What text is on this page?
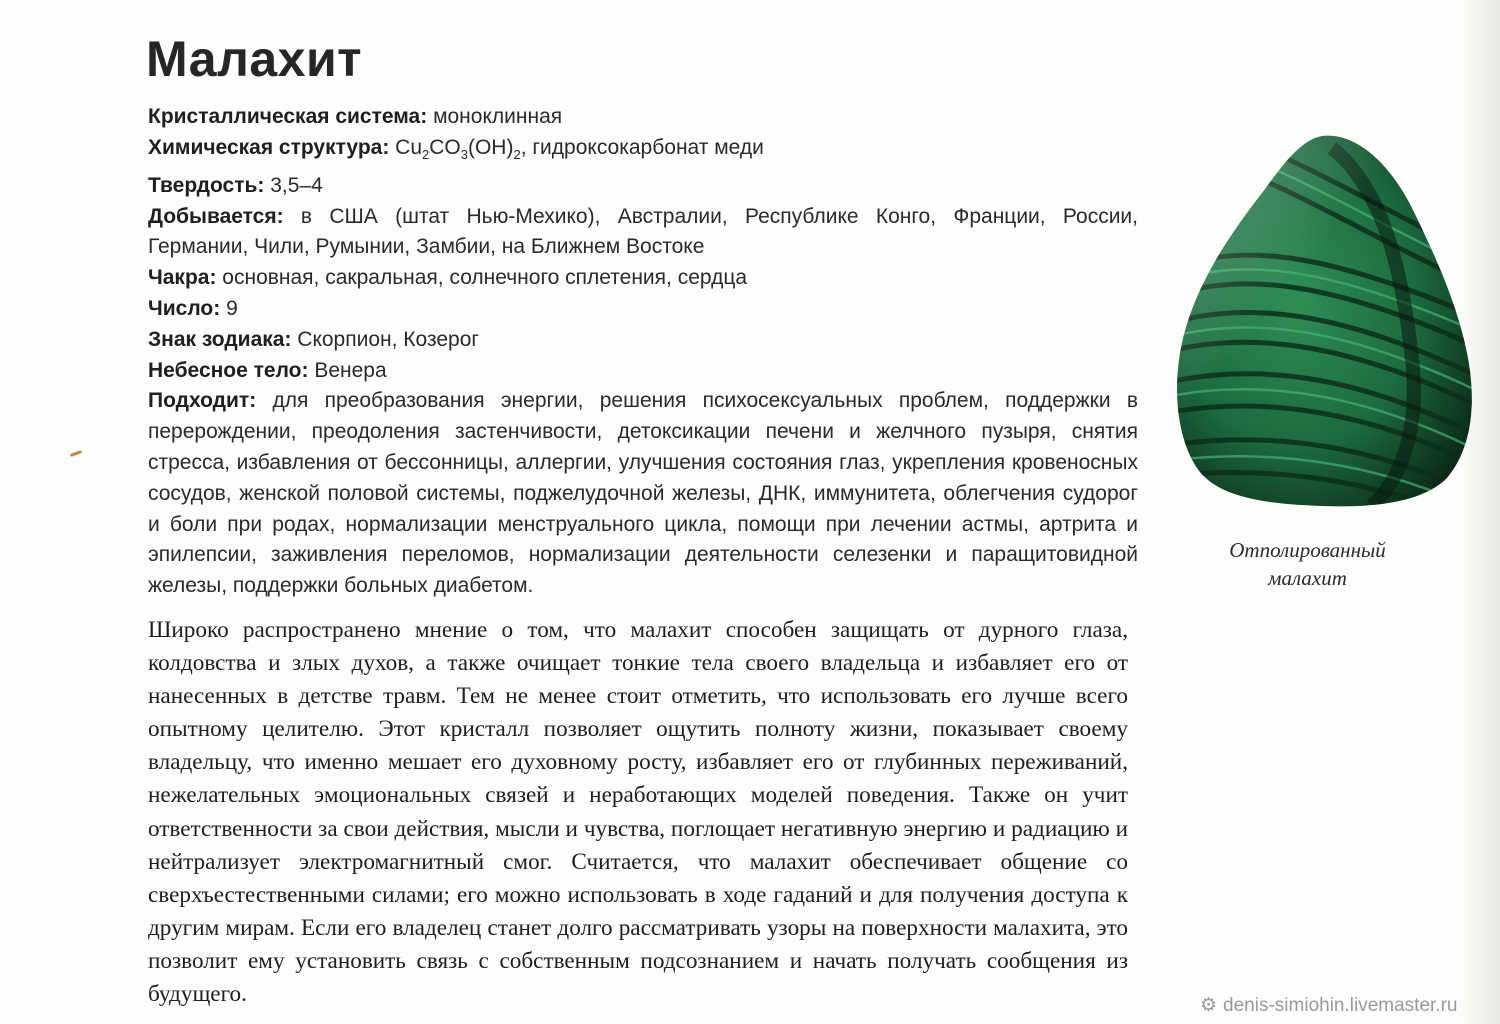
Малахит

Кристаллическая система: моноклинная

Химическая структура: $Cu_2CO_3(OH)_2$, гидроксокарбонат меди

Твердость: 3,5–4

Добывается: в США (штат Нью-Мехико), Австралии, Республике Конго, Франции, России, Германии, Чили, Румынии, Замбии, на Ближнем Востоке

Чакра: основная, сакральная, солнечного сплетения, сердца

Число: 9

Знак зодиака: Скорпион, Козерог

Небесное тело: Венера

Подходит: для преобразования энергии, решения психосексуальных проблем, поддержки в перерождении, преодоления застенчивости, детоксикации печени и желчного пузыря, снятия стресса, избавления от бессонницы, аллергии, улучшения состояния глаз, укрепления кровеносных сосудов, женской половой системы, поджелудочной железы, ДНК, иммунитета, облегчения судорог и боли при родах, нормализации менструального цикла, помощи при лечении астмы, артрита и эпилепсии, заживления переломов, нормализации деятельности селезенки и паращитовидной железы, поддержки больных диабетом.

Широко распространено мнение о том, что малахит способен защищать от дурного глаза, колдовства и злых духов, а также очищает тонкие тела своего владельца и избавляет его от нанесенных в детстве травм. Тем не менее стоит отметить, что использовать его лучше всего опытному целителю. Этот кристалл позволяет ощутить полноту жизни, показывает своему владельцу, что именно мешает его духовному росту, избавляет его от глубинных переживаний, нежелательных эмоциональных связей и неработающих моделей поведения. Также он учит ответственности за свои действия, мысли и чувства, поглощает негативную энергию и радиацию и нейтрализует электромагнитный смог. Считается, что малахит обеспечивает общение со сверхъестественными силами; его можно использовать в ходе гаданий и для получения доступа к другим мирам. Если его владелец станет долго рассматривать узоры на поверхности малахита, это позволит ему установить связь с собственным подсознанием и начать получать сообщения из будущего.

Отполированный
малахит
⚙ denis-simiohin.livemaster.ru
